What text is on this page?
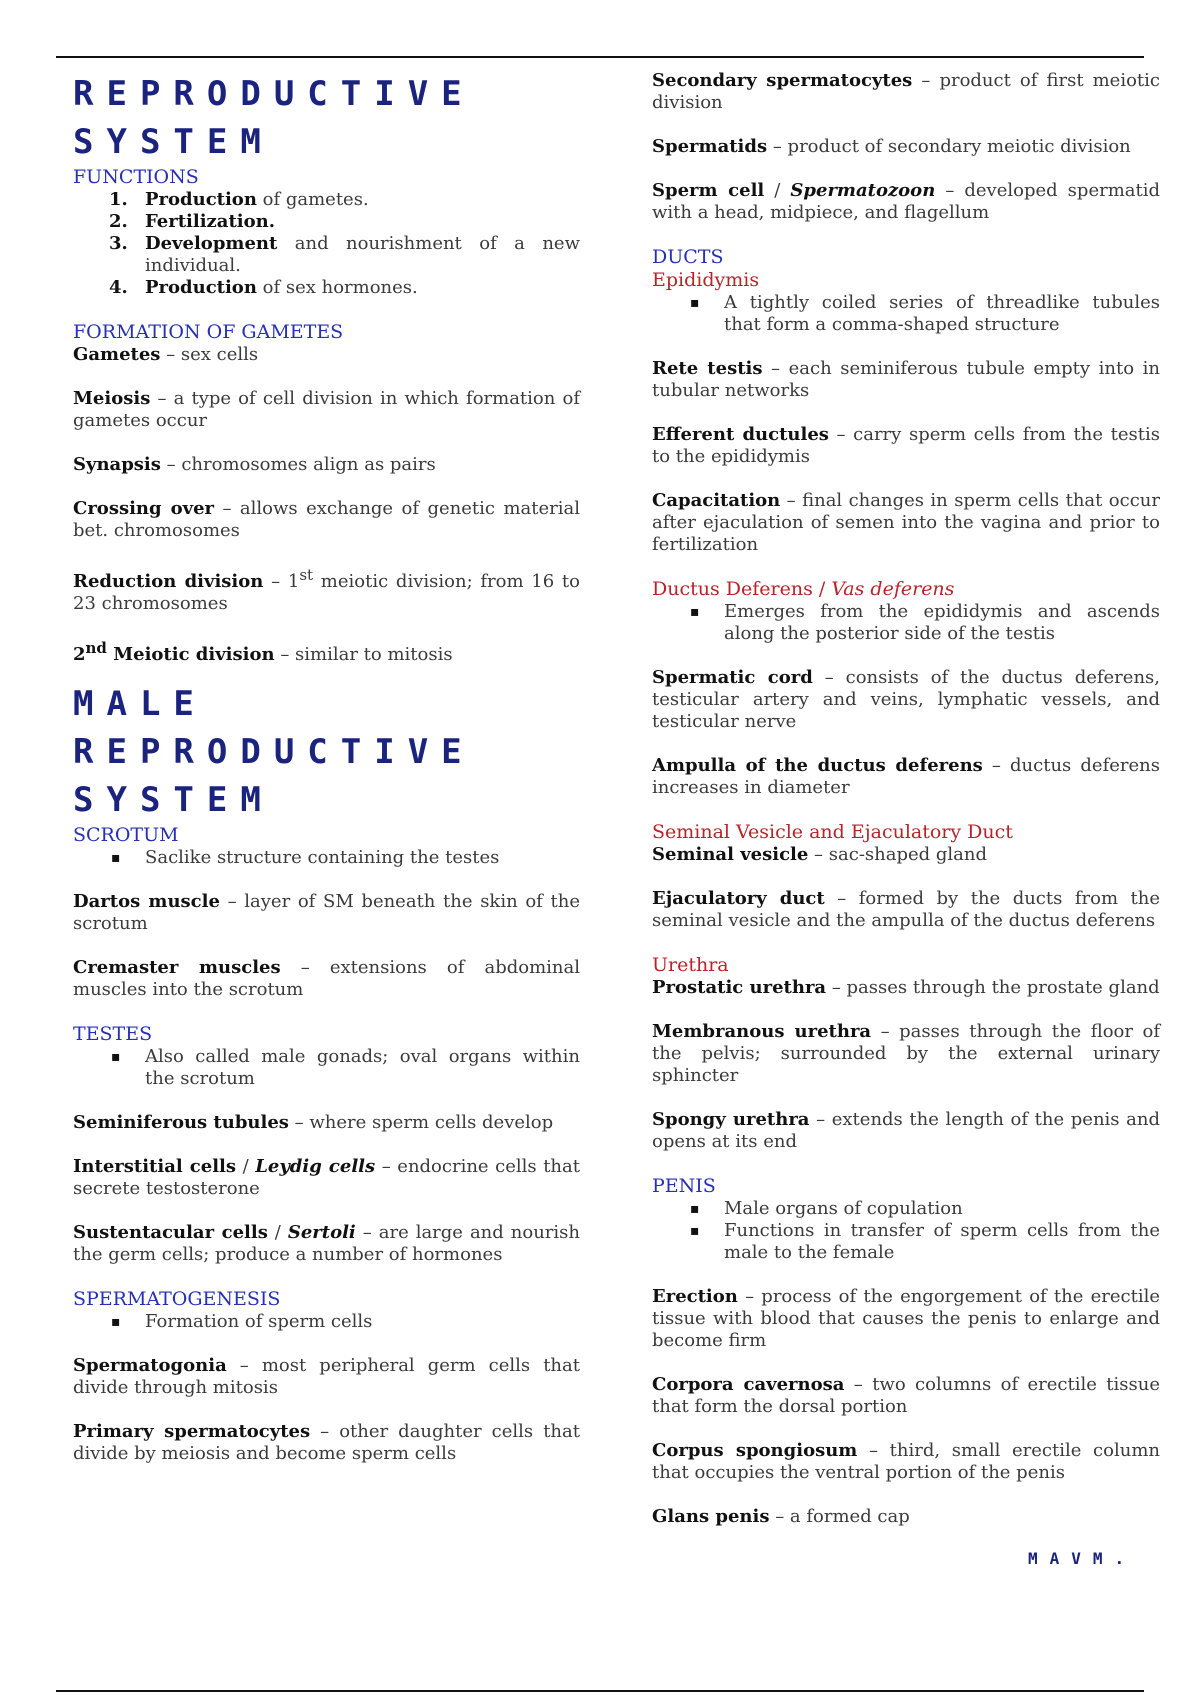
REPRODUCTIVE
SYSTEM
FUNCTIONS
1. Production of gametes.
2. Fertilization.
3. Development and nourishment of a new individual.
4. Production of sex hormones.
FORMATION OF GAMETES

Gametes – sex cells

Meiosis – a type of cell division in which formation of gametes occur

Synapsis – chromosomes align as pairs

Crossing over – allows exchange of genetic material bet. chromosomes

Reduction division – 1st meiotic division; from 16 to 23 chromosomes

2nd Meiotic division – similar to mitosis

MALE
REPRODUCTIVE
SYSTEM
SCROTUM
▪ Saclike structure containing the testes

Dartos muscle – layer of SM beneath the skin of the scrotum

Cremaster muscles – extensions of abdominal muscles into the scrotum

TESTES
▪ Also called male gonads; oval organs within the scrotum

Seminiferous tubules – where sperm cells develop

Interstitial cells / Leydig cells – endocrine cells that secrete testosterone

Sustentacular cells / Sertoli – are large and nourish the germ cells; produce a number of hormones

SPERMATOGENESIS
▪ Formation of sperm cells

Spermatogonia – most peripheral germ cells that divide through mitosis

Primary spermatocytes – other daughter cells that divide by meiosis and become sperm cells

Secondary spermatocytes – product of first meiotic division

Spermatids – product of secondary meiotic division

Sperm cell / Spermatozoon – developed spermatid with a head, midpiece, and flagellum

DUCTS
Epididymis
▪ A tightly coiled series of threadlike tubules that form a comma-shaped structure

Rete testis – each seminiferous tubule empty into in tubular networks

Efferent ductules – carry sperm cells from the testis to the epididymis

Capacitation – final changes in sperm cells that occur after ejaculation of semen into the vagina and prior to fertilization

Ductus Deferens / Vas deferens
▪ Emerges from the epididymis and ascends along the posterior side of the testis

Spermatic cord – consists of the ductus deferens, testicular artery and veins, lymphatic vessels, and testicular nerve

Ampulla of the ductus deferens – ductus deferens increases in diameter

Seminal Vesicle and Ejaculatory Duct

Seminal vesicle – sac-shaped gland

Ejaculatory duct – formed by the ducts from the seminal vesicle and the ampulla of the ductus deferens

Urethra

Prostatic urethra – passes through the prostate gland

Membranous urethra – passes through the floor of the pelvis; surrounded by the external urinary sphincter

Spongy urethra – extends the length of the penis and opens at its end

PENIS
▪ Male organs of copulation
▪ Functions in transfer of sperm cells from the male to the female

Erection – process of the engorgement of the erectile tissue with blood that causes the penis to enlarge and become firm

Corpora cavernosa – two columns of erectile tissue that form the dorsal portion

Corpus spongiosum – third, small erectile column that occupies the ventral portion of the penis

Glans penis – a formed cap

MAVM.
